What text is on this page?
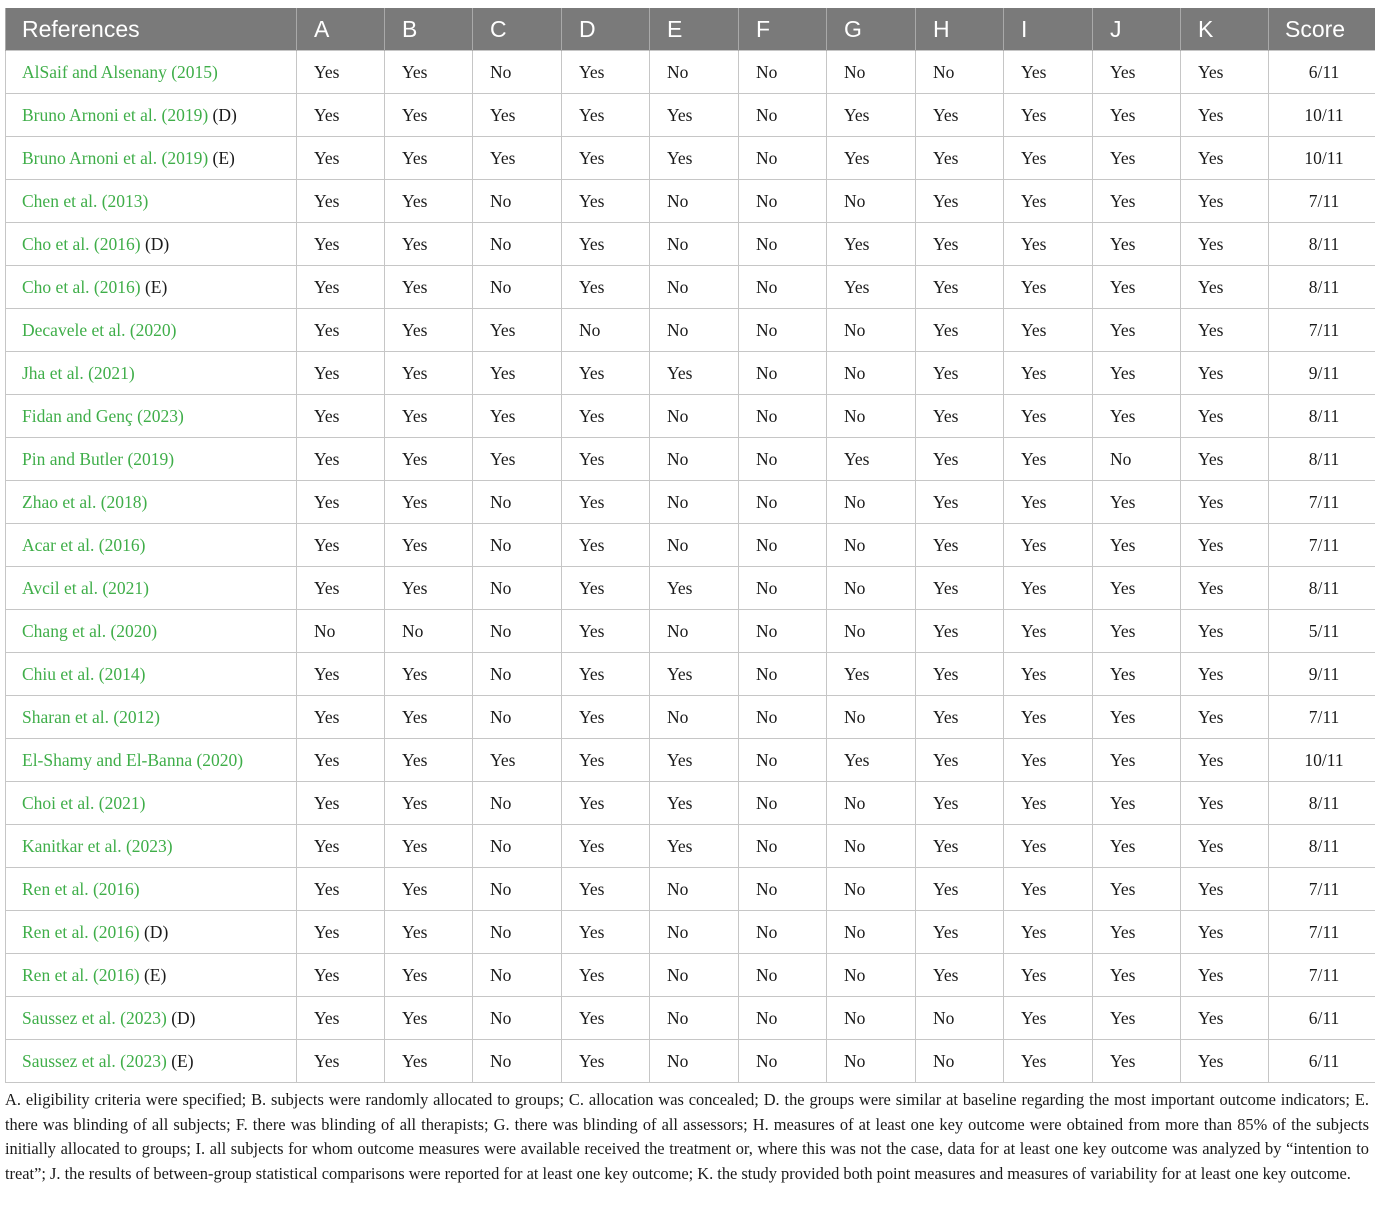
References	A	B	C	D	E	F	G	H	I	J	K	Score
AlSaif and Alsenany (2015)	Yes	Yes	No	Yes	No	No	No	No	Yes	Yes	Yes	6/11
Bruno Arnoni et al. (2019) (D)	Yes	Yes	Yes	Yes	Yes	No	Yes	Yes	Yes	Yes	Yes	10/11
Bruno Arnoni et al. (2019) (E)	Yes	Yes	Yes	Yes	Yes	No	Yes	Yes	Yes	Yes	Yes	10/11
Chen et al. (2013)	Yes	Yes	No	Yes	No	No	No	Yes	Yes	Yes	Yes	7/11
Cho et al. (2016) (D)	Yes	Yes	No	Yes	No	No	Yes	Yes	Yes	Yes	Yes	8/11
Cho et al. (2016) (E)	Yes	Yes	No	Yes	No	No	Yes	Yes	Yes	Yes	Yes	8/11
Decavele et al. (2020)	Yes	Yes	Yes	No	No	No	No	Yes	Yes	Yes	Yes	7/11
Jha et al. (2021)	Yes	Yes	Yes	Yes	Yes	No	No	Yes	Yes	Yes	Yes	9/11
Fidan and Genç (2023)	Yes	Yes	Yes	Yes	No	No	No	Yes	Yes	Yes	Yes	8/11
Pin and Butler (2019)	Yes	Yes	Yes	Yes	No	No	Yes	Yes	Yes	No	Yes	8/11
Zhao et al. (2018)	Yes	Yes	No	Yes	No	No	No	Yes	Yes	Yes	Yes	7/11
Acar et al. (2016)	Yes	Yes	No	Yes	No	No	No	Yes	Yes	Yes	Yes	7/11
Avcil et al. (2021)	Yes	Yes	No	Yes	Yes	No	No	Yes	Yes	Yes	Yes	8/11
Chang et al. (2020)	No	No	No	Yes	No	No	No	Yes	Yes	Yes	Yes	5/11
Chiu et al. (2014)	Yes	Yes	No	Yes	Yes	No	Yes	Yes	Yes	Yes	Yes	9/11
Sharan et al. (2012)	Yes	Yes	No	Yes	No	No	No	Yes	Yes	Yes	Yes	7/11
El-Shamy and El-Banna (2020)	Yes	Yes	Yes	Yes	Yes	No	Yes	Yes	Yes	Yes	Yes	10/11
Choi et al. (2021)	Yes	Yes	No	Yes	Yes	No	No	Yes	Yes	Yes	Yes	8/11
Kanitkar et al. (2023)	Yes	Yes	No	Yes	Yes	No	No	Yes	Yes	Yes	Yes	8/11
Ren et al. (2016)	Yes	Yes	No	Yes	No	No	No	Yes	Yes	Yes	Yes	7/11
Ren et al. (2016) (D)	Yes	Yes	No	Yes	No	No	No	Yes	Yes	Yes	Yes	7/11
Ren et al. (2016) (E)	Yes	Yes	No	Yes	No	No	No	Yes	Yes	Yes	Yes	7/11
Saussez et al. (2023) (D)	Yes	Yes	No	Yes	No	No	No	No	Yes	Yes	Yes	6/11
Saussez et al. (2023) (E)	Yes	Yes	No	Yes	No	No	No	No	Yes	Yes	Yes	6/11
A. eligibility criteria were specified; B. subjects were randomly allocated to groups; C. allocation was concealed; D. the groups were similar at baseline regarding the most important outcome indicators; E. there was blinding of all subjects; F. there was blinding of all therapists; G. there was blinding of all assessors; H. measures of at least one key outcome were obtained from more than 85% of the subjects initially allocated to groups; I. all subjects for whom outcome measures were available received the treatment or, where this was not the case, data for at least one key outcome was analyzed by “intention to treat”; J. the results of between-group statistical comparisons were reported for at least one key outcome; K. the study provided both point measures and measures of variability for at least one key outcome.
